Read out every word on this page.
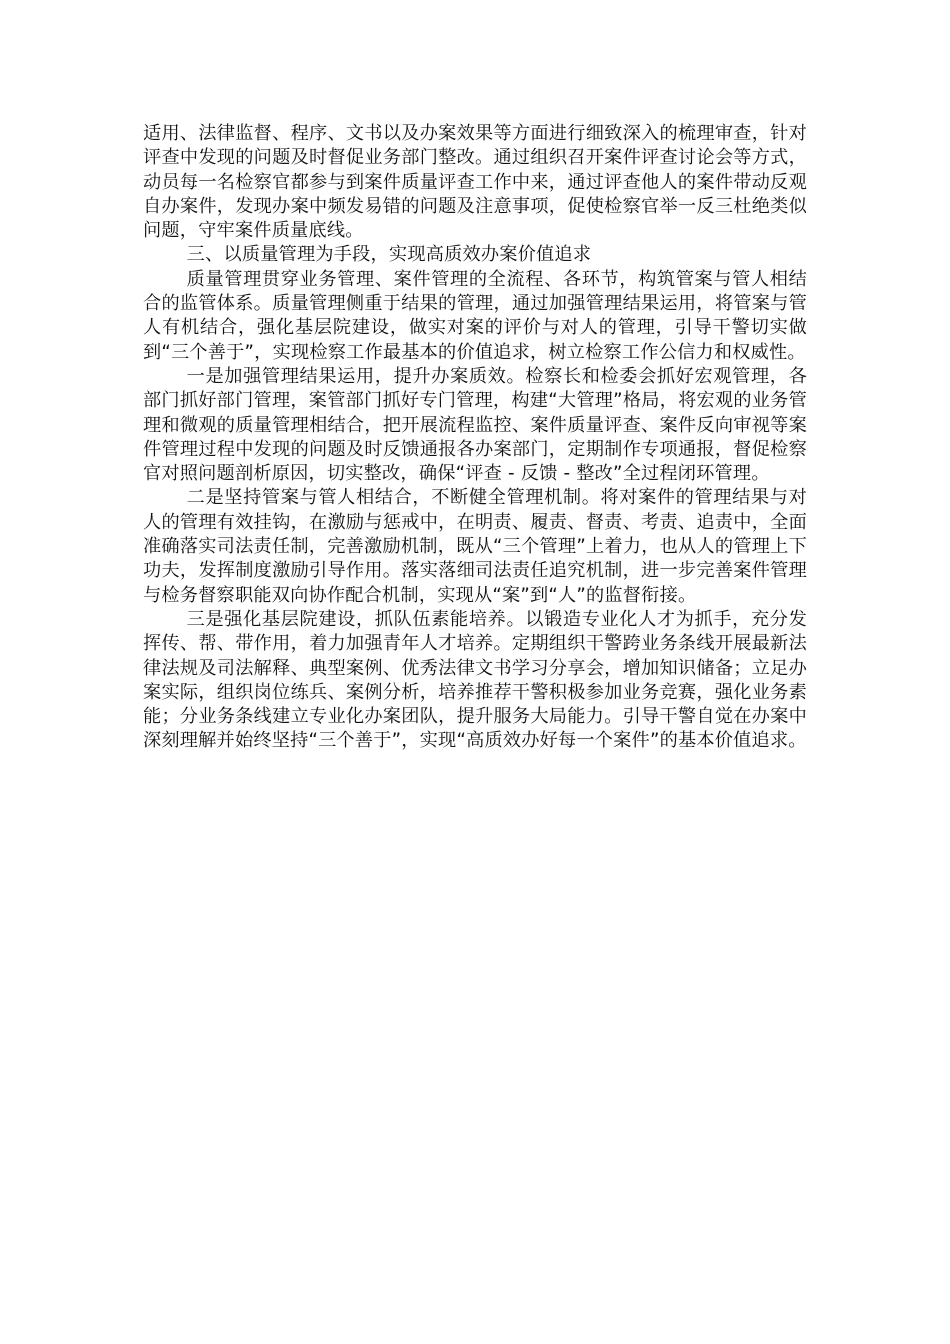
适用、法律监督、程序、文书以及办案效果等方面进行细致深入的梳理审查，针对评查中发现的问题及时督促业务部门整改。通过组织召开案件评查讨论会等方式，动员每一名检察官都参与到案件质量评查工作中来，通过评查他人的案件带动反观自办案件，发现办案中频发易错的问题及注意事项，促使检察官举一反三杜绝类似问题，守牢案件质量底线。

三、以质量管理为手段，实现高质效办案价值追求

质量管理贯穿业务管理、案件管理的全流程、各环节，构筑管案与管人相结合的监管体系。质量管理侧重于结果的管理，通过加强管理结果运用，将管案与管人有机结合，强化基层院建设，做实对案的评价与对人的管理，引导干警切实做到“三个善于”，实现检察工作最基本的价值追求，树立检察工作公信力和权威性。

一是加强管理结果运用，提升办案质效。检察长和检委会抓好宏观管理，各部门抓好部门管理，案管部门抓好专门管理，构建“大管理”格局，将宏观的业务管理和微观的质量管理相结合，把开展流程监控、案件质量评查、案件反向审视等案件管理过程中发现的问题及时反馈通报各办案部门，定期制作专项通报，督促检察官对照问题剖析原因，切实整改，确保“评查 - 反馈 - 整改”全过程闭环管理。

二是坚持管案与管人相结合，不断健全管理机制。将对案件的管理结果与对人的管理有效挂钩，在激励与惩戒中，在明责、履责、督责、考责、追责中，全面准确落实司法责任制，完善激励机制，既从“三个管理”上着力，也从人的管理上下功夫，发挥制度激励引导作用。落实落细司法责任追究机制，进一步完善案件管理与检务督察职能双向协作配合机制，实现从“案”到“人”的监督衔接。

三是强化基层院建设，抓队伍素能培养。以锻造专业化人才为抓手，充分发挥传、帮、带作用，着力加强青年人才培养。定期组织干警跨业务条线开展最新法律法规及司法解释、典型案例、优秀法律文书学习分享会，增加知识储备；立足办案实际，组织岗位练兵、案例分析，培养推荐干警积极参加业务竞赛，强化业务素能；分业务条线建立专业化办案团队，提升服务大局能力。引导干警自觉在办案中深刻理解并始终坚持“三个善于”，实现“高质效办好每一个案件”的基本价值追求。
